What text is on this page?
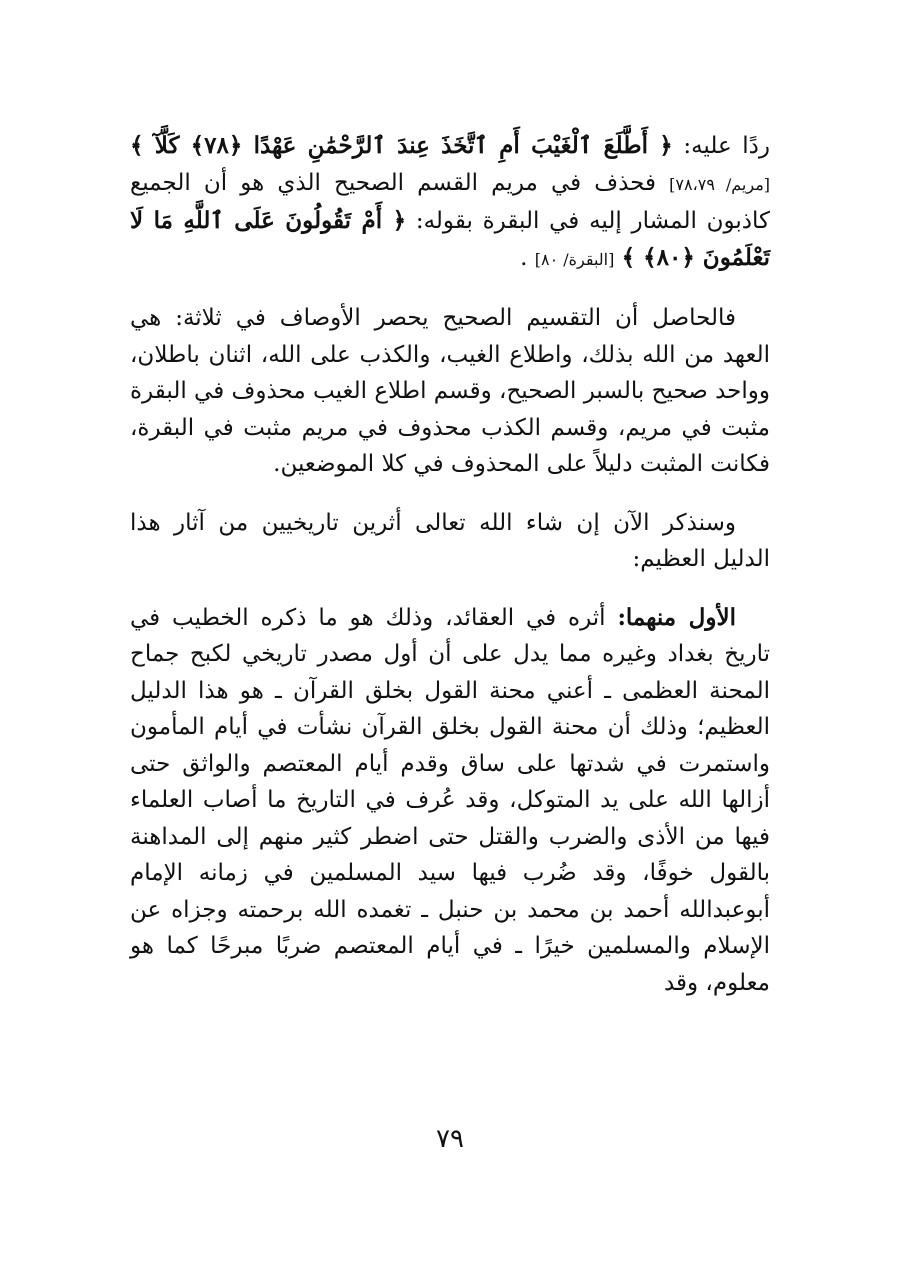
ردًا عليه: ﴿ أَطَّلَعَ ٱلْغَيْبَ أَمِ ٱتَّخَذَ عِندَ ٱلرَّحْمَٰنِ عَهْدًا ﴿٧٨﴾ كَلَّآ ﴾ [مريم/ ٧٨،٧٩] فحذف في مريم القسم الصحيح الذي هو أن الجميع كاذبون المشار إليه في البقرة بقوله: ﴿ أَمْ تَقُولُونَ عَلَى ٱللَّهِ مَا لَا تَعْلَمُونَ ﴿٨٠﴾ ﴾ [البقرة/ ٨٠] .

فالحاصل أن التقسيم الصحيح يحصر الأوصاف في ثلاثة: هي العهد من الله بذلك، واطلاع الغيب، والكذب على الله، اثنان باطلان، وواحد صحيح بالسبر الصحيح، وقسم اطلاع الغيب محذوف في البقرة مثبت في مريم، وقسم الكذب محذوف في مريم مثبت في البقرة، فكانت المثبت دليلاً على المحذوف في كلا الموضعين.

وسنذكر الآن إن شاء الله تعالى أثرين تاريخيين من آثار هذا الدليل العظيم:

الأول منهما: أثره في العقائد، وذلك هو ما ذكره الخطيب في تاريخ بغداد وغيره مما يدل على أن أول مصدر تاريخي لكبح جماح المحنة العظمى ـ أعني محنة القول بخلق القرآن ـ هو هذا الدليل العظيم؛ وذلك أن محنة القول بخلق القرآن نشأت في أيام المأمون واستمرت في شدتها على ساق وقدم أيام المعتصم والواثق حتى أزالها الله على يد المتوكل، وقد عُرف في التاريخ ما أصاب العلماء فيها من الأذى والضرب والقتل حتى اضطر كثير منهم إلى المداهنة بالقول خوفًا، وقد ضُرب فيها سيد المسلمين في زمانه الإمام أبوعبدالله أحمد بن محمد بن حنبل ـ تغمده الله برحمته وجزاه عن الإسلام والمسلمين خيرًا ـ في أيام المعتصم ضربًا مبرحًا كما هو معلوم، وقد

٧٩
